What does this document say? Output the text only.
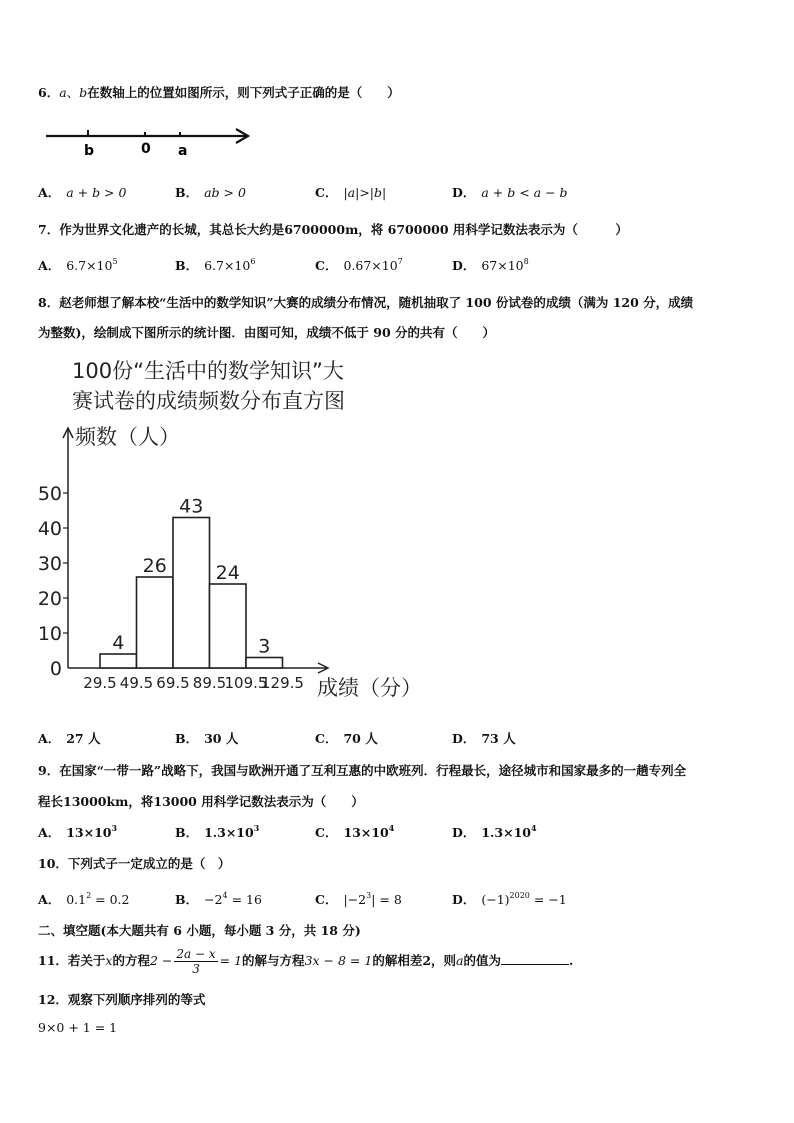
6．a、b在数轴上的位置如图所示，则下列式子正确的是（　　）
b	0 a
A． a + b > 0	B． ab > 0	C． |a|>|b|	D． a + b < a − b
7．作为世界文化遗产的长城，其总长大约是6700000m，将 6700000 用科学记数法表示为（　　　）
A． $6.7\times 10^5$	B． $6.7\times 10^6$	C． $0.67\times 10^7$	D． $67\times 10^8$
8．赵老师想了解本校“生活中的数学知识”大赛的成绩分布情况，随机抽取了 100 份试卷的成绩（满为 120 分，成绩
为整数)，绘制成下图所示的统计图．由图可知，成绩不低于 90 分的共有（　　）
100份“生活中的数学知识”大
赛试卷的成绩频数分布直方图
频数（人）
成绩（分）
4
26
43
24
3
0
10
20
30
40
50
29.5 49.5 69.5 89.5
109.5
129.5
A． 27 人	B． 30 人	C． 70 人	D． 73 人
9．在国家“一带一路”战略下，我国与欧洲开通了互利互惠的中欧班列．行程最长，途径城市和国家最多的一趟专列全
程长13000km，将13000 用科学记数法表示为（　　）
A． $13\times 10^3$	B． $1.3\times 10^3$	C． $13\times 10^4$	D． $1.3\times 10^4$
10．下列式子一定成立的是（　）
A． $0.1^2 = 0.2$	B． $-2^4 = 16$	C． $|-2^3| = 8$	D． $(-1)^{2020} = -1$
二、填空题(本大题共有 6 小题，每小题 3 分，共 18 分)
11．若关于x的方程$2 - \frac{2a - x}{3} = 1$的解与方程3x − 8 = 1的解相差2，则a的值为	.
12．观察下列顺序排列的等式
9×0 + 1 = 1
